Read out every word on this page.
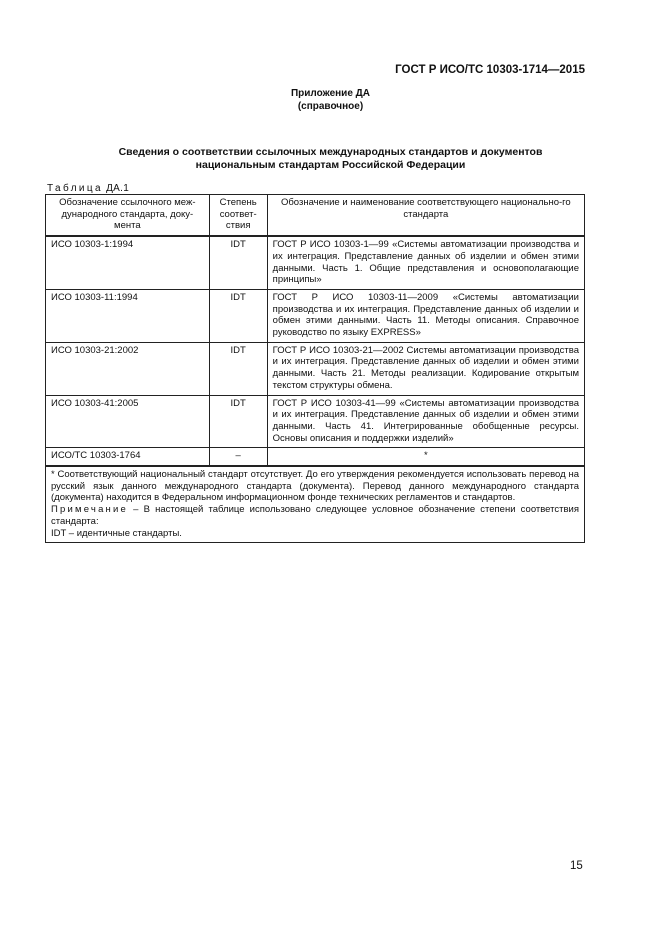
ГОСТ Р ИСО/ТС 10303-1714—2015
Приложение ДА
(справочное)
Сведения о соответствии ссылочных международных стандартов и документов
национальным стандартам Российской Федерации
Таблица ДА.1
Обозначение ссылочного меж-дународного стандарта, доку-мента	Степень соответ-ствия	Обозначение и наименование соответствующего национально-го стандарта
ИСО 10303-1:1994	IDT	ГОСТ Р ИСО 10303-1—99 «Системы автоматизации производства и их интеграция. Представление данных об изделии и обмен этими данными. Часть 1. Общие представления и основополагающие принципы»
ИСО 10303-11:1994	IDT	ГОСТ Р ИСО 10303-11—2009 «Системы автоматизации производства и их интеграция. Представление данных об изделии и обмен этими данными. Часть 11. Методы описания. Справочное руководство по языку EXPRESS»
ИСО 10303-21:2002	IDT	ГОСТ Р ИСО 10303-21—2002 Системы автоматизации производства и их интеграция. Представление данных об изделии и обмен этими данными. Часть 21. Методы реализации. Кодирование открытым текстом структуры обмена.
ИСО 10303-41:2005	IDT	ГОСТ Р ИСО 10303-41—99 «Системы автоматизации производства и их интеграция. Представление данных об изделии и обмен этими данными. Часть 41. Интегрированные обобщенные ресурсы. Основы описания и поддержки изделий»
ИСО/ТС 10303-1764	–	*

* Соответствующий национальный стандарт отсутствует. До его утверждения рекомендуется использовать перевод на русский язык данного международного стандарта (документа). Перевод данного международного стандарта (документа) находится в Федеральном информационном фонде технических регламентов и стандартов.
Примечание – В настоящей таблице использовано следующее условное обозначение степени соответствия стандарта:
IDT – идентичные стандарты.		
15
